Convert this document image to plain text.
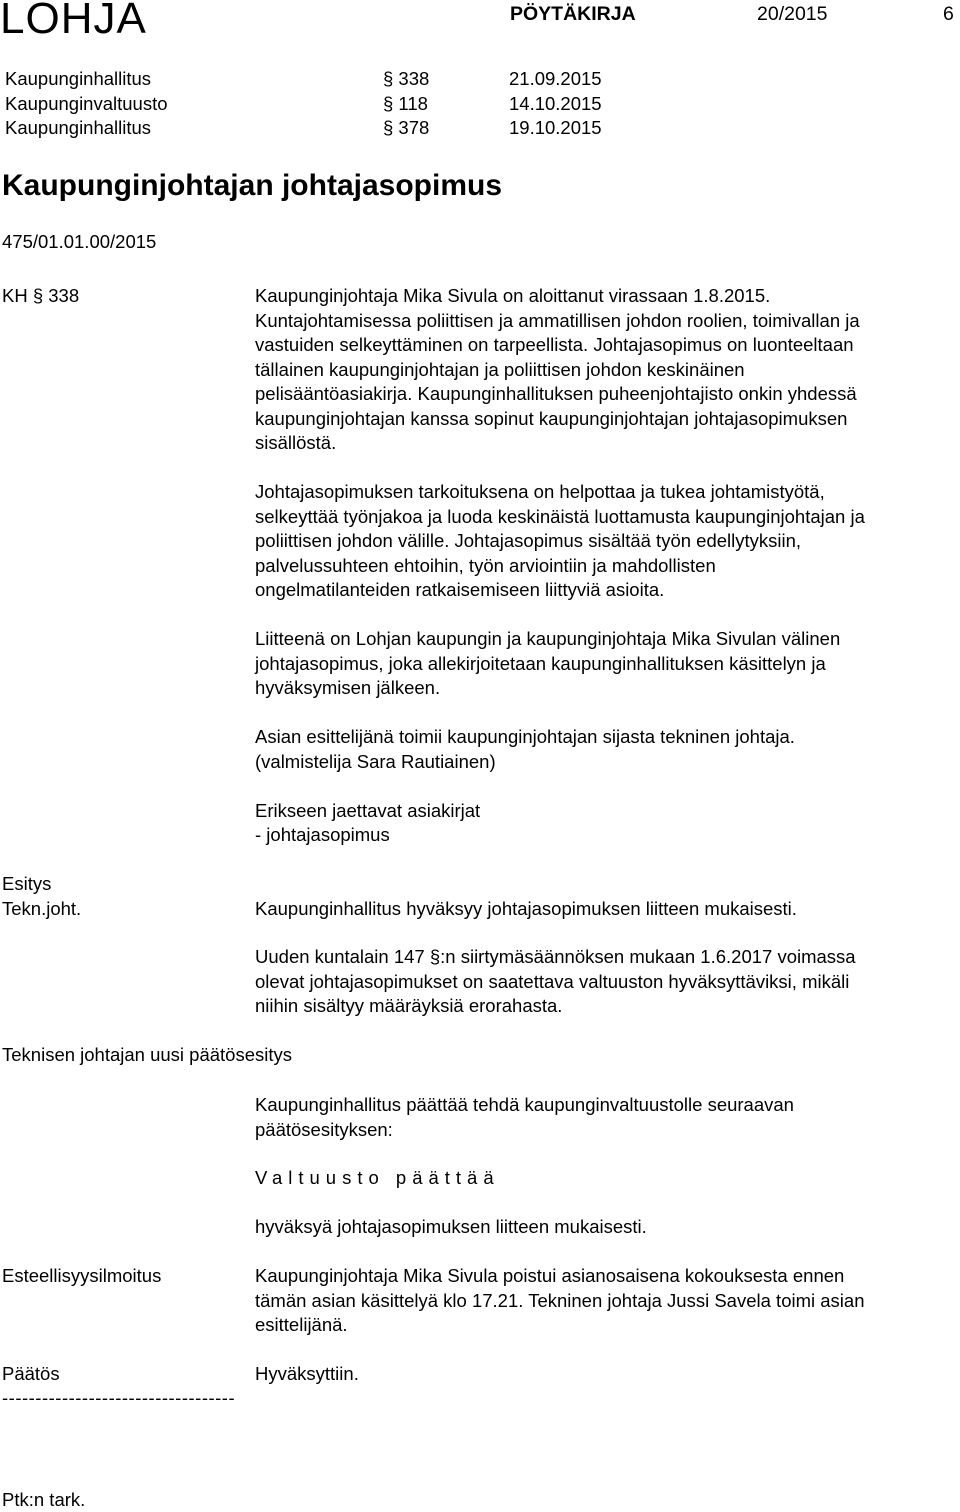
LOHJA	PÖYTÄKIRJA	20/2015	6
Kaupunginhallitus	§ 338	21.09.2015
Kaupunginvaltuusto	§ 118	14.10.2015
Kaupunginhallitus	§ 378	19.10.2015
Kaupunginjohtajan johtajasopimus
475/01.01.00/2015
KH § 338	Kaupunginjohtaja Mika Sivula on aloittanut virassaan 1.8.2015.
Kuntajohtamisessa poliittisen ja ammatillisen johdon roolien, toimivallan ja
vastuiden selkeyttäminen on tarpeellista. Johtajasopimus on luonteeltaan
tällainen kaupunginjohtajan ja poliittisen johdon keskinäinen
pelisääntöasiakirja. Kaupunginhallituksen puheenjohtajisto onkin yhdessä
kaupunginjohtajan kanssa sopinut kaupunginjohtajan johtajasopimuksen
sisällöstä.
Johtajasopimuksen tarkoituksena on helpottaa ja tukea johtamistyötä,
selkeyttää työnjakoa ja luoda keskinäistä luottamusta kaupunginjohtajan ja
poliittisen johdon välille. Johtajasopimus sisältää työn edellytyksiin,
palvelussuhteen ehtoihin, työn arviointiin ja mahdollisten
ongelmatilanteiden ratkaisemiseen liittyviä asioita.
Liitteenä on Lohjan kaupungin ja kaupunginjohtaja Mika Sivulan välinen
johtajasopimus, joka allekirjoitetaan kaupunginhallituksen käsittelyn ja
hyväksymisen jälkeen.
Asian esittelijänä toimii kaupunginjohtajan sijasta tekninen johtaja.
(valmistelija Sara Rautiainen)
Erikseen jaettavat asiakirjat
- johtajasopimus
Esitys
Tekn.joht.	Kaupunginhallitus hyväksyy johtajasopimuksen liitteen mukaisesti.
Uuden kuntalain 147 §:n siirtymäsäännöksen mukaan 1.6.2017 voimassa
olevat johtajasopimukset on saatettava valtuuston hyväksyttäviksi, mikäli
niihin sisältyy määräyksiä erorahasta.
Teknisen johtajan uusi päätösesitys
Kaupunginhallitus päättää tehdä kaupunginvaltuustolle seuraavan
päätösesityksen:
Valtuusto päättää
hyväksyä johtajasopimuksen liitteen mukaisesti.
Esteellisyysilmoitus	Kaupunginjohtaja Mika Sivula poistui asianosaisena kokouksesta ennen
tämän asian käsittelyä klo 17.21. Tekninen johtaja Jussi Savela toimi asian
esittelijänä.
Päätös	Hyväksyttiin.
-----------------------------------
Ptk:n tark.
